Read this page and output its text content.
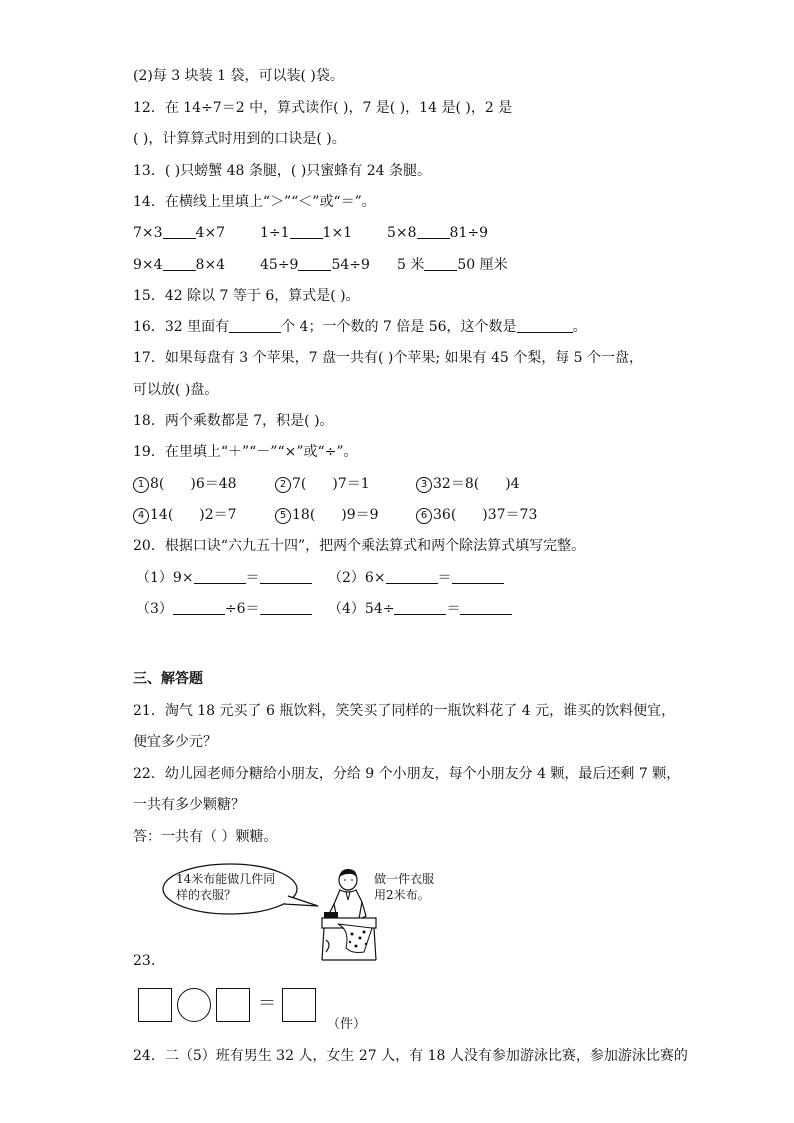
(2)每 3 块装 1 袋，可以装( )袋。
12．在 14÷7＝2 中，算式读作( )，7 是( )，14 是( )，2 是
( )，计算算式时用到的口诀是( )。
13．( )只螃蟹 48 条腿，( )只蜜蜂有 24 条腿。
14．在横线上里填上“＞”“＜”或“＝”。
7×3 4×7 1÷1 1×1 5×8 81÷9
9×4 8×4 45÷9 54÷9 5 米 50 厘米
15．42 除以 7 等于 6，算式是( )。
16．32 里面有	个 4；一个数的 7 倍是 56，这个数是	。
17．如果每盘有 3 个苹果，7 盘一共有( )个苹果; 如果有 45 个梨，每 5 个一盘，
可以放( )盘。
18．两个乘数都是 7，积是( )。
19．在里填上“＋”“－”“×”或“÷”。
1 8( )6＝48	2 7( )7＝1	3 32＝8( )4
4 14( )2＝7	5 18( )9＝9	6 36( )37＝73
20．根据口诀“六九五十四”，把两个乘法算式和两个除法算式填写完整。
（1）9×	＝	（2）6×	＝
（3）	÷6＝	（4）54÷	＝
三、解答题
21．淘气 18 元买了 6 瓶饮料，笑笑买了同样的一瓶饮料花了 4 元，谁买的饮料便宜，
便宜多少元？
22．幼儿园老师分糖给小朋友，分给 9 个小朋友，每个小朋友分 4 颗，最后还剩 7 颗，
一共有多少颗糖？
答：一共有（ ）颗糖。
14米布能做几件同
样的衣服？
做一件衣服
用2米布。
23.
＝
（件）
24．二（5）班有男生 32 人，女生 27 人，有 18 人没有参加游泳比赛，参加游泳比赛的
